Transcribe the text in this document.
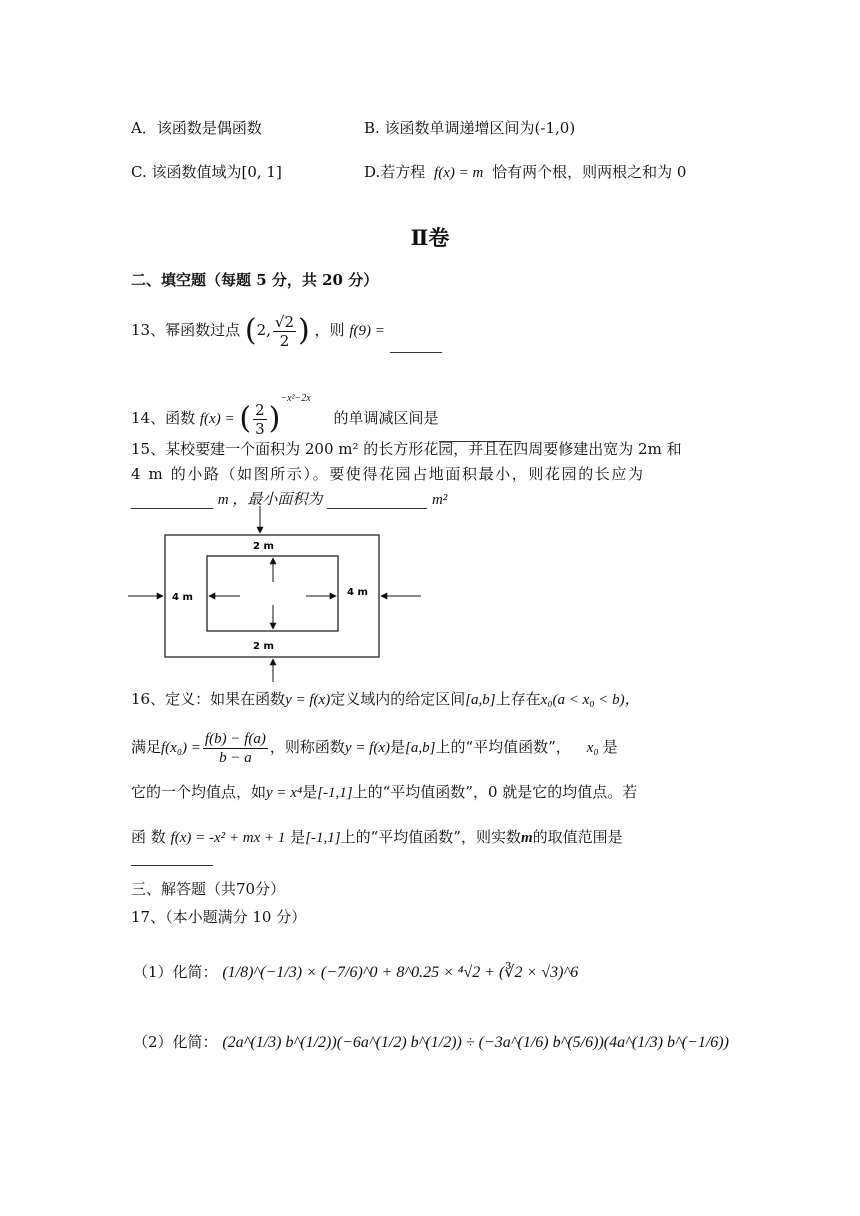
A．该函数是偶函数	B. 该函数单调递增区间为(-1,0)
C. 该函数值域为[0, 1]	D.若方程 f(x) = m 恰有两个根，则两根之和为 0
Ⅱ卷
二、填空题（每题 5 分，共 20 分）
13、幂函数过点 (2, $\frac{√2}{2}$ ) ，则 f(9) =
14、函数 f(x) = ( $\frac{2}{3} )^{-x^2-2x}$ 的单调减区间是
15、某校要建一个面积为 200 m² 的长方形花园，并且在四周要修建出宽为 2m 和
4 m 的小路（如图所示）。要使得花园占地面积最小，则花园的长应为
m ，最小面积为	m²
2 m
2 m
4 m	4 m
16、定义：如果在函数y = f(x)定义域内的给定区间[a,b]上存在x₀(a < x₀ < b)，
满足$f(x_0) = \frac{f(b) - f(a)}{b - a}$ ，则称函数y = f(x)是[a,b]上的“平均值函数”， x₀ 是
它的一个均值点，如y = x⁴是[-1,1]上的“平均值函数”，0 就是它的均值点。若
函 数 f(x) = -x² + mx + 1 是[-1,1]上的“平均值函数”，则实数m的取值范围是
三、解答题（共70分）
17、（本小题满分 10 分）
（1）化简： (1/8)^(−1/3) × (−7/6)^0 + 8^0.25 × ⁴√2 + (∛2 × √3)^6
（2）化简： (2a^(1/3) b^(1/2))(−6a^(1/2) b^(1/2)) ÷ (−3a^(1/6) b^(5/6))(4a^(1/3) b^(−1/6))
